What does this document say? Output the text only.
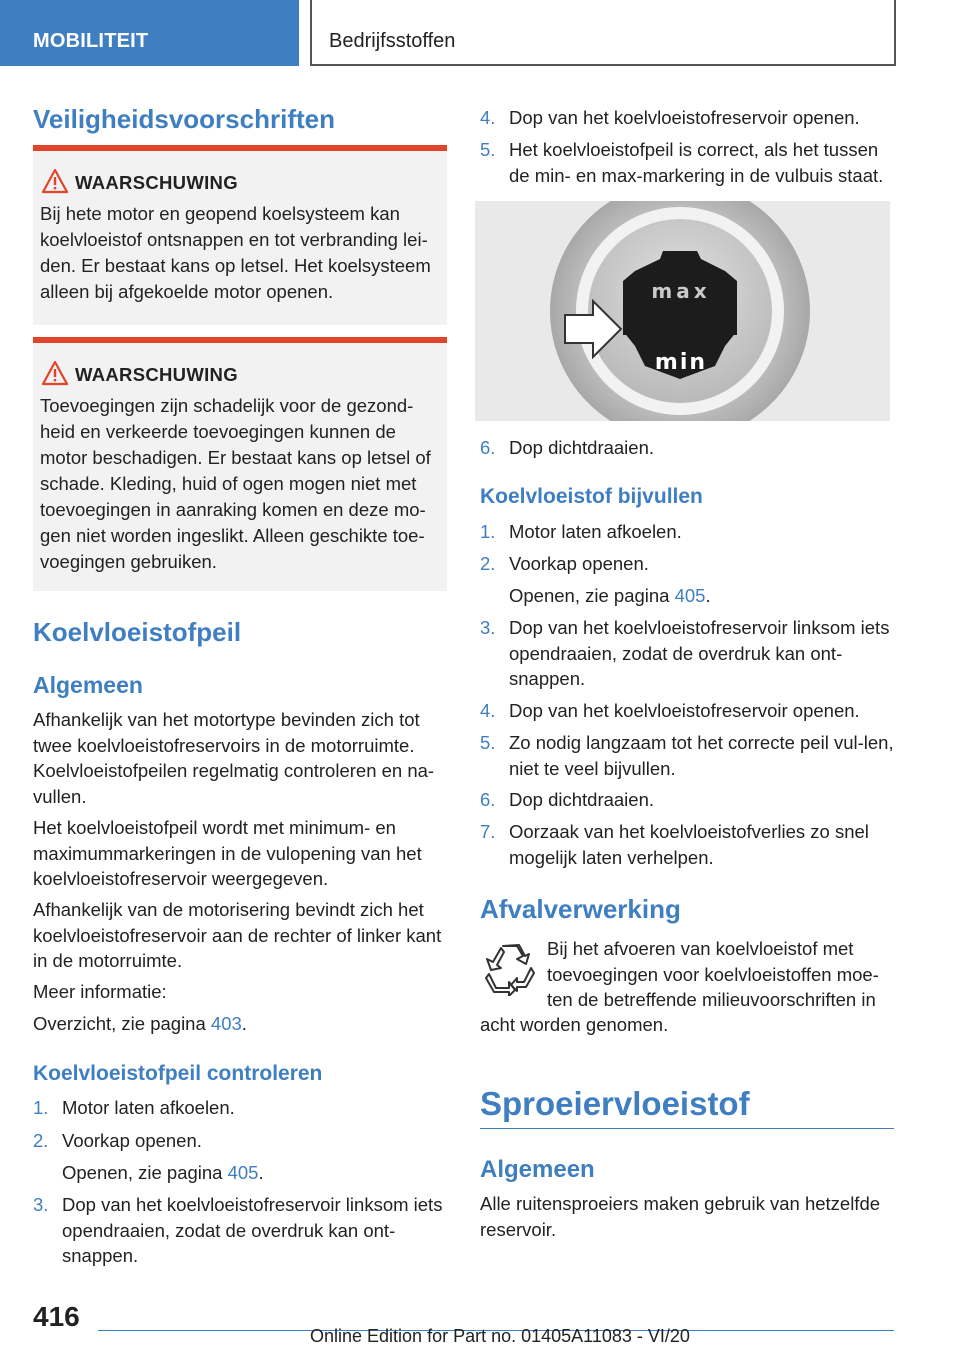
MOBILITEIT	Bedrijfsstoffen
Veiligheidsvoorschriften
WAARSCHUWING
Bij hete motor en geopend koelsysteem kan koelvloeistof ontsnappen en tot verbranding lei-den. Er bestaat kans op letsel. Het koelsysteem alleen bij afgekoelde motor openen.
WAARSCHUWING
Toevoegingen zijn schadelijk voor de gezond-heid en verkeerde toevoegingen kunnen de motor beschadigen. Er bestaat kans op letsel of schade. Kleding, huid of ogen mogen niet met toevoegingen in aanraking komen en deze mo-gen niet worden ingeslikt. Alleen geschikte toe-voegingen gebruiken.
Koelvloeistofpeil
Algemeen

Afhankelijk van het motortype bevinden zich tot twee koelvloeistofreservoirs in de motorruimte. Koelvloeistofpeilen regelmatig controleren en na-vullen.

Het koelvloeistofpeil wordt met minimum- en maximummarkeringen in de vulopening van het koelvloeistofreservoir weergegeven.

Afhankelijk van de motorisering bevindt zich het koelvloeistofreservoir aan de rechter of linker kant in de motorruimte.

Meer informatie:

Overzicht, zie pagina 403.

Koelvloeistofpeil controleren
1. Motor laten afkoelen.
2. Voorkap openen.

Openen, zie pagina 405.

3. Dop van het koelvloeistofreservoir linksom iets opendraaien, zodat de overdruk kan ont-snappen.
4. Dop van het koelvloeistofreservoir openen.
5. Het koelvloeistofpeil is correct, als het tussen de min- en max-markering in de vulbuis staat.
max
min
6. Dop dichtdraaien.
Koelvloeistof bijvullen
1. Motor laten afkoelen.
2. Voorkap openen.

Openen, zie pagina 405.

3. Dop van het koelvloeistofreservoir linksom iets opendraaien, zodat de overdruk kan ont-snappen.
4. Dop van het koelvloeistofreservoir openen.
5. Zo nodig langzaam tot het correcte peil vul-len, niet te veel bijvullen.
6. Dop dichtdraaien.
7. Oorzaak van het koelvloeistofverlies zo snel mogelijk laten verhelpen.
Afvalverwerking

Bij het afvoeren van koelvloeistof met toevoegingen voor koelvloeistoffen moe-ten de betreffende milieuvoorschriften in

acht worden genomen.

Sproeiervloeistof
Algemeen

Alle ruitensproeiers maken gebruik van hetzelfde reservoir.

416
Online Edition for Part no. 01405A11083 - VI/20
